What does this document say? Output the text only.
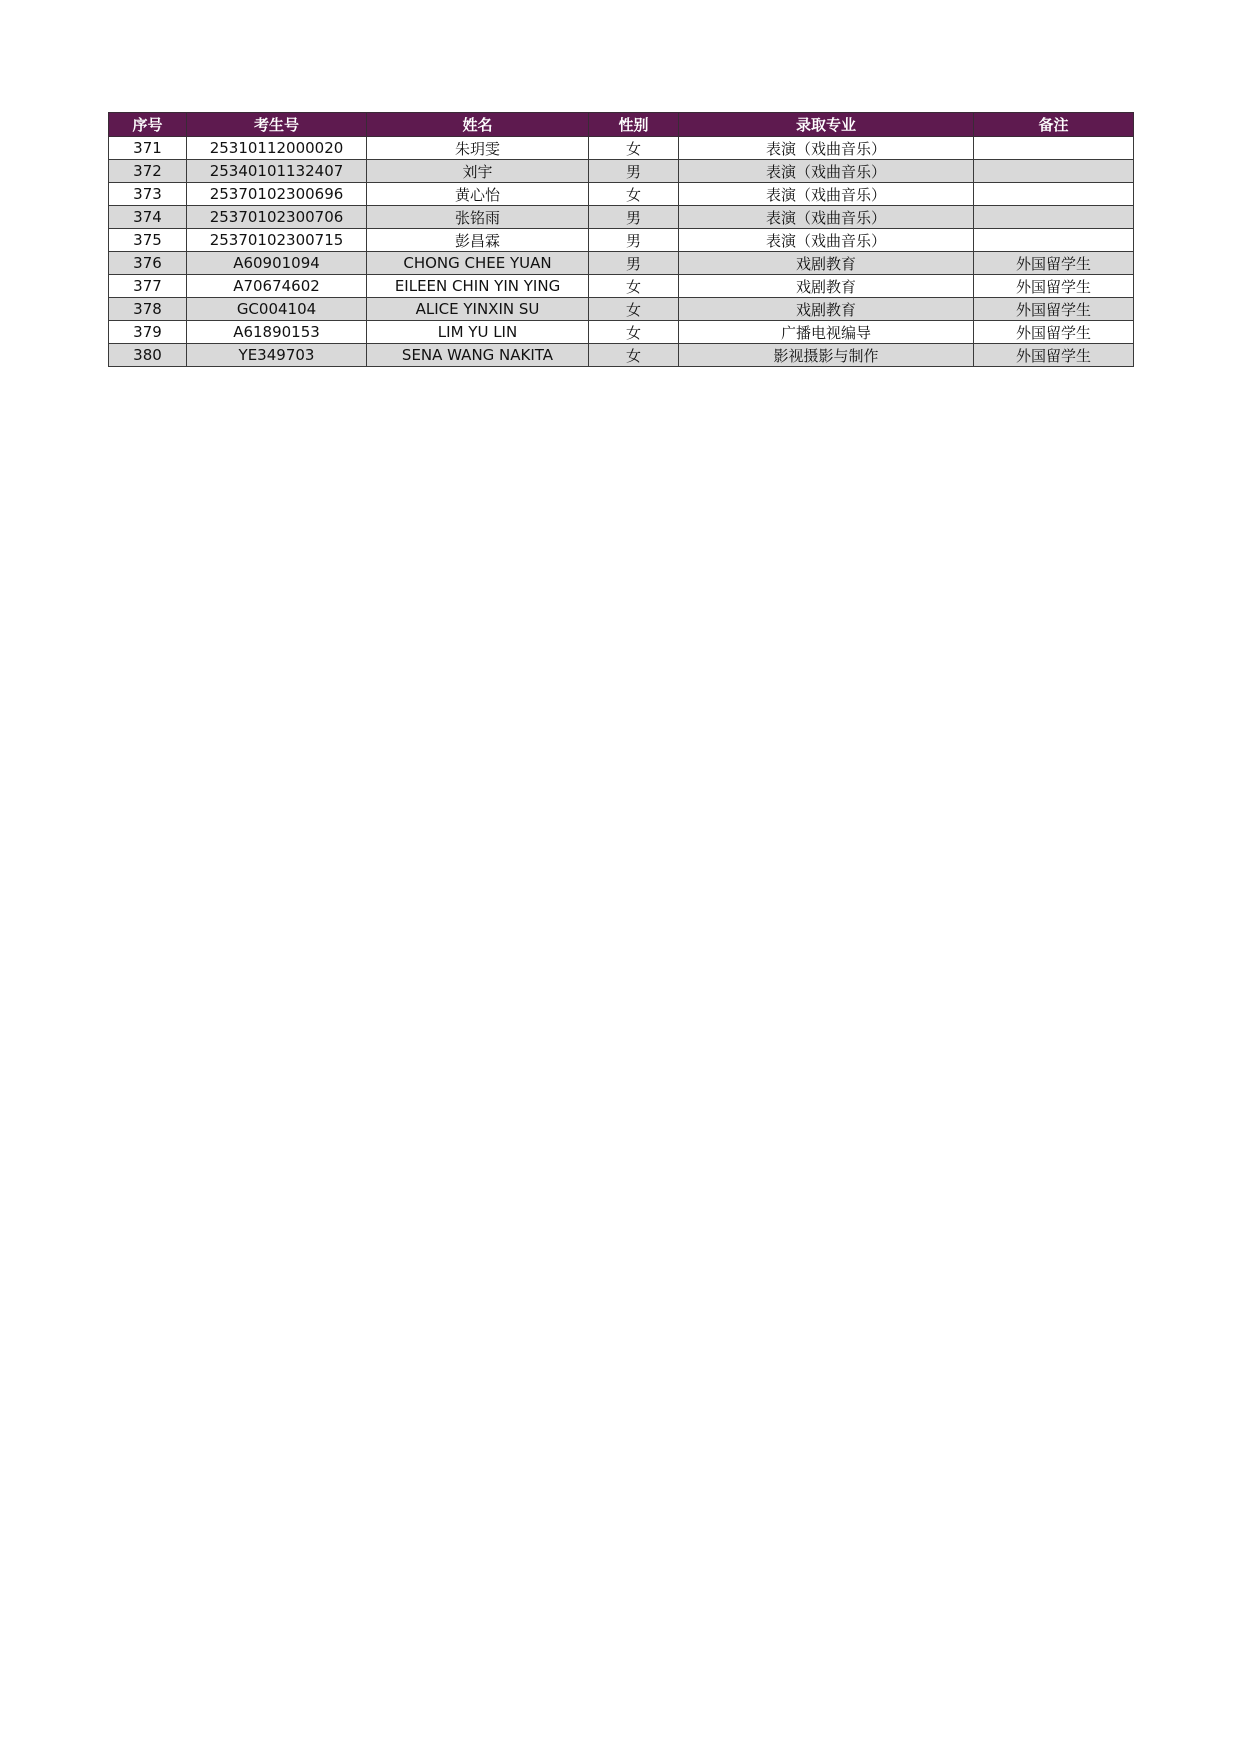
序号	考生号	姓名	性别	录取专业	备注
371	25310112000020	朱玥雯	女	表演（戏曲音乐）	
372	25340101132407	刘宇	男	表演（戏曲音乐）	
373	25370102300696	黄心怡	女	表演（戏曲音乐）	
374	25370102300706	张铭雨	男	表演（戏曲音乐）	
375	25370102300715	彭昌霖	男	表演（戏曲音乐）	
376	A60901094	CHONG CHEE YUAN	男	戏剧教育	外国留学生
377	A70674602	EILEEN CHIN YIN YING	女	戏剧教育	外国留学生
378	GC004104	ALICE YINXIN SU	女	戏剧教育	外国留学生
379	A61890153	LIM YU LIN	女	广播电视编导	外国留学生
380	YE349703	SENA WANG NAKITA	女	影视摄影与制作	外国留学生
